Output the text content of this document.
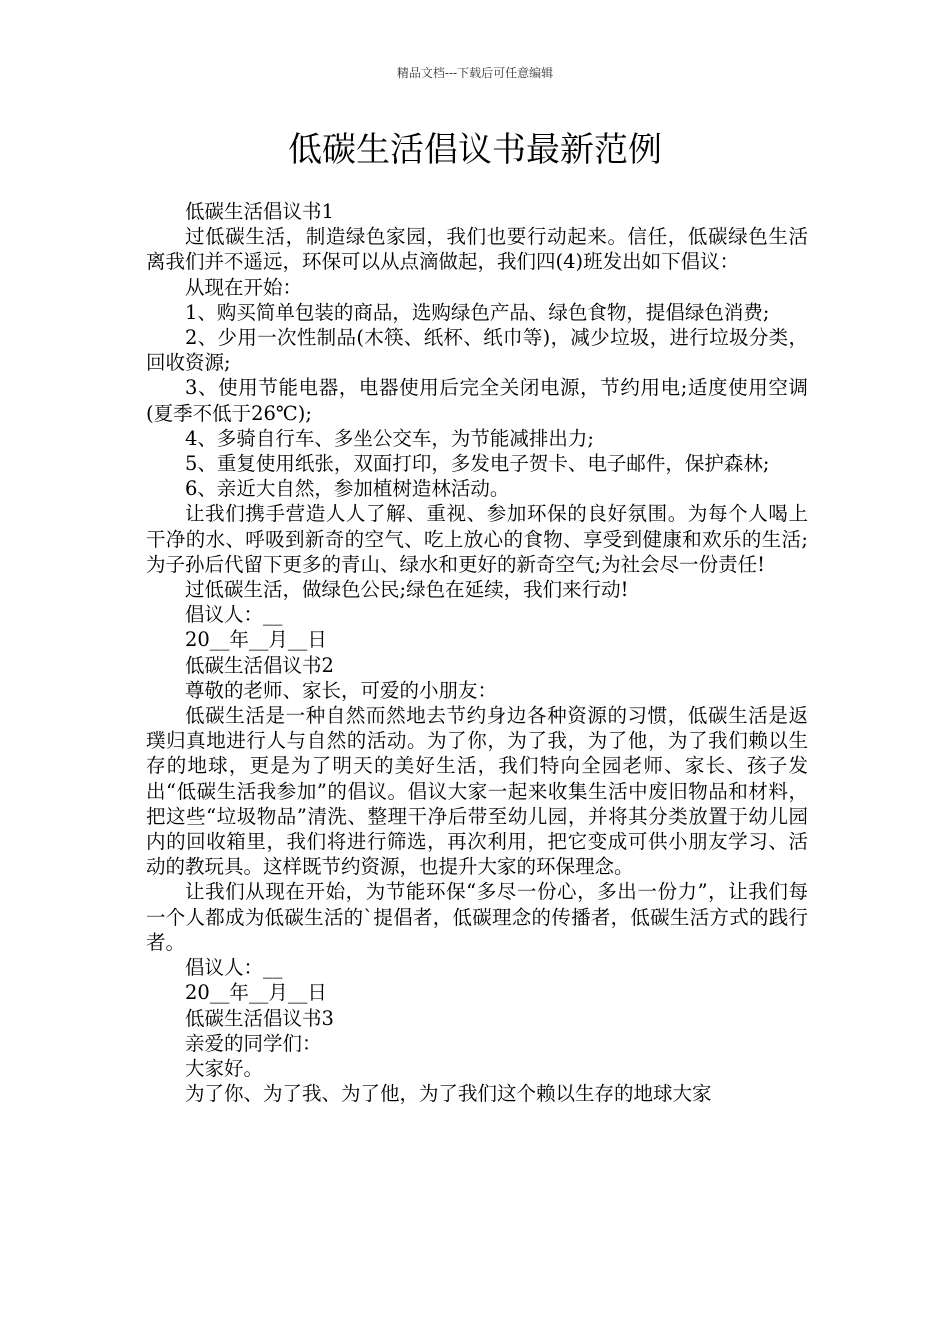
精品文档---下载后可任意编辑
低碳生活倡议书最新范例

低碳生活倡议书1

过低碳生活，制造绿色家园，我们也要行动起来。信任，低碳绿色生活离我们并不遥远，环保可以从点滴做起，我们四(4)班发出如下倡议：

从现在开始：

1、购买简单包装的商品，选购绿色产品、绿色食物，提倡绿色消费;

2、少用一次性制品(木筷、纸杯、纸巾等)，减少垃圾，进行垃圾分类，回收资源;

3、使用节能电器，电器使用后完全关闭电源，节约用电;适度使用空调(夏季不低于26℃);

4、多骑自行车、多坐公交车，为节能减排出力;

5、重复使用纸张，双面打印，多发电子贺卡、电子邮件，保护森林;

6、亲近大自然，参加植树造林活动。

让我们携手营造人人了解、重视、参加环保的良好氛围。为每个人喝上干净的水、呼吸到新奇的空气、吃上放心的食物、享受到健康和欢乐的生活;为子孙后代留下更多的青山、绿水和更好的新奇空气;为社会尽一份责任!

过低碳生活，做绿色公民;绿色在延续，我们来行动!

倡议人：__

20__年__月__日

低碳生活倡议书2

尊敬的老师、家长，可爱的小朋友：

低碳生活是一种自然而然地去节约身边各种资源的习惯，低碳生活是返璞归真地进行人与自然的活动。为了你，为了我，为了他，为了我们赖以生存的地球，更是为了明天的美好生活，我们特向全园老师、家长、孩子发出“低碳生活我参加”的倡议。倡议大家一起来收集生活中废旧物品和材料，把这些“垃圾物品”清洗、整理干净后带至幼儿园，并将其分类放置于幼儿园内的回收箱里，我们将进行筛选，再次利用，把它变成可供小朋友学习、活动的教玩具。这样既节约资源，也提升大家的环保理念。

让我们从现在开始，为节能环保“多尽一份心，多出一份力”，让我们每一个人都成为低碳生活的`提倡者，低碳理念的传播者，低碳生活方式的践行者。

倡议人：__

20__年__月__日

低碳生活倡议书3

亲爱的同学们：

大家好。

为了你、为了我、为了他，为了我们这个赖以生存的地球大家
